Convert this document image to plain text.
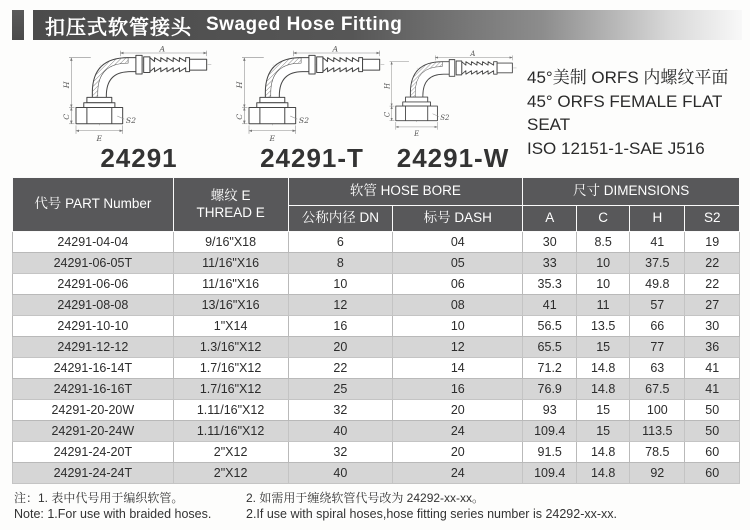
扣压式软管接头 Swaged Hose Fitting
A
H
C
E
S2
A
H
C
E
S2
A
H
C
E
S2
24291	24291-T	24291-W
45°美制 ORFS 内螺纹平面
45° ORFS FEMALE FLAT SEAT
ISO 12151-1-SAE J516
代号 PART Number	螺纹 E
THREAD E	软管 HOSE BORE		尺寸 DIMENSIONS			
		公称内径 DN	标号 DASH	A	C	H	S2
24291-04-04	9/16"X18	6	04	30	8.5	41	19
24291-06-05T	11/16"X16	8	05	33	10	37.5	22
24291-06-06	11/16"X16	10	06	35.3	10	49.8	22
24291-08-08	13/16"X16	12	08	41	11	57	27
24291-10-10	1"X14	16	10	56.5	13.5	66	30
24291-12-12	1.3/16"X12	20	12	65.5	15	77	36
24291-16-14T	1.7/16"X12	22	14	71.2	14.8	63	41
24291-16-16T	1.7/16"X12	25	16	76.9	14.8	67.5	41
24291-20-20W	1.11/16"X12	32	20	93	15	100	50
24291-20-24W	1.11/16"X12	40	24	109.4	15	113.5	50
24291-24-20T	2"X12	32	20	91.5	14.8	78.5	60
24291-24-24T	2"X12	40	24	109.4	14.8	92	60
注：1. 表中代号用于编织软管。	2. 如需用于缠绕软管代号改为 24292-xx-xx。
Note: 1.For use with braided hoses.	2.If use with spiral hoses,hose fitting series number is 24292-xx-xx.
